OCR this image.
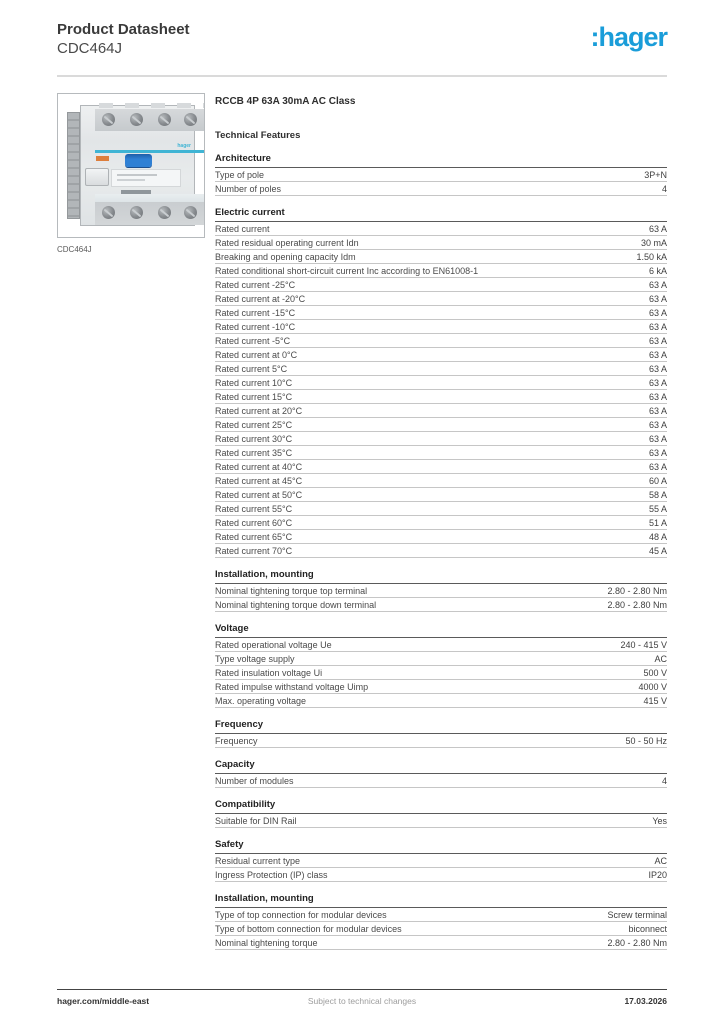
Product Datasheet
CDC464J	:hager
hager
CDC464J
RCCB 4P 63A 30mA AC Class
Technical Features
Architecture
Type of pole	3P+N
Number of poles	4
Electric current
Rated current	63 A
Rated residual operating current Idn	30 mA
Breaking and opening capacity Idm	1.50 kA
Rated conditional short-circuit current Inc according to EN61008-1	6 kA
Rated current -25°C	63 A
Rated current at -20°C	63 A
Rated current -15°C	63 A
Rated current -10°C	63 A
Rated current -5°C	63 A
Rated current at 0°C	63 A
Rated current 5°C	63 A
Rated current 10°C	63 A
Rated current 15°C	63 A
Rated current at 20°C	63 A
Rated current 25°C	63 A
Rated current 30°C	63 A
Rated current 35°C	63 A
Rated current at 40°C	63 A
Rated current at 45°C	60 A
Rated current at 50°C	58 A
Rated current 55°C	55 A
Rated current 60°C	51 A
Rated current 65°C	48 A
Rated current 70°C	45 A
Installation, mounting
Nominal tightening torque top terminal	2.80 - 2.80 Nm
Nominal tightening torque down terminal	2.80 - 2.80 Nm
Voltage
Rated operational voltage Ue	240 - 415 V
Type voltage supply	AC
Rated insulation voltage Ui	500 V
Rated impulse withstand voltage Uimp	4000 V
Max. operating voltage	415 V
Frequency
Frequency	50 - 50 Hz
Capacity
Number of modules	4
Compatibility
Suitable for DIN Rail	Yes
Safety
Residual current type	AC
Ingress Protection (IP) class	IP20
Installation, mounting
Type of top connection for modular devices	Screw terminal
Type of bottom connection for modular devices	biconnect
Nominal tightening torque	2.80 - 2.80 Nm
Subject to technical changes
hager.com/middle-east	17.03.2026
